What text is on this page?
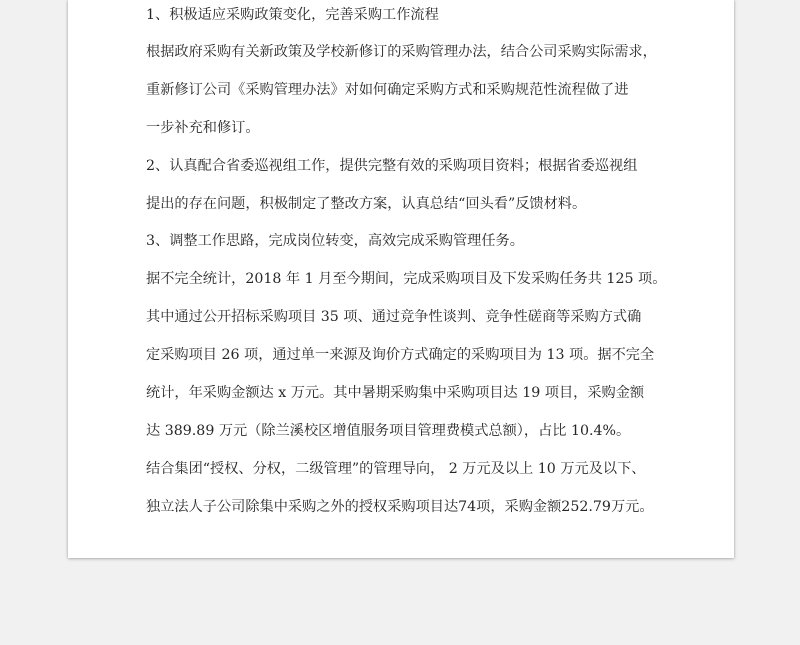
1、积极适应采购政策变化，完善采购工作流程
根据政府采购有关新政策及学校新修订的采购管理办法，结合公司采购实际需求，
重新修订公司《采购管理办法》对如何确定采购方式和采购规范性流程做了进
一步补充和修订。
2、认真配合省委巡视组工作，提供完整有效的采购项目资料；根据省委巡视组
提出的存在问题，积极制定了整改方案，认真总结“回头看”反馈材料。
3、调整工作思路，完成岗位转变，高效完成采购管理任务。
据不完全统计，2018 年 1 月至今期间，完成采购项目及下发采购任务共 125 项。
其中通过公开招标采购项目 35 项、通过竞争性谈判、竞争性磋商等采购方式确
定采购项目 26 项，通过单一来源及询价方式确定的采购项目为 13 项。据不完全
统计，年采购金额达 x 万元。其中暑期采购集中采购项目达 19 项目，采购金额
达 389.89 万元（除兰溪校区增值服务项目管理费模式总额），占比 10.4%。
结合集团“授权、分权，二级管理”的管理导向， 2 万元及以上 10 万元及以下、
独立法人子公司除集中采购之外的授权采购项目达74项，采购金额252.79万元。
